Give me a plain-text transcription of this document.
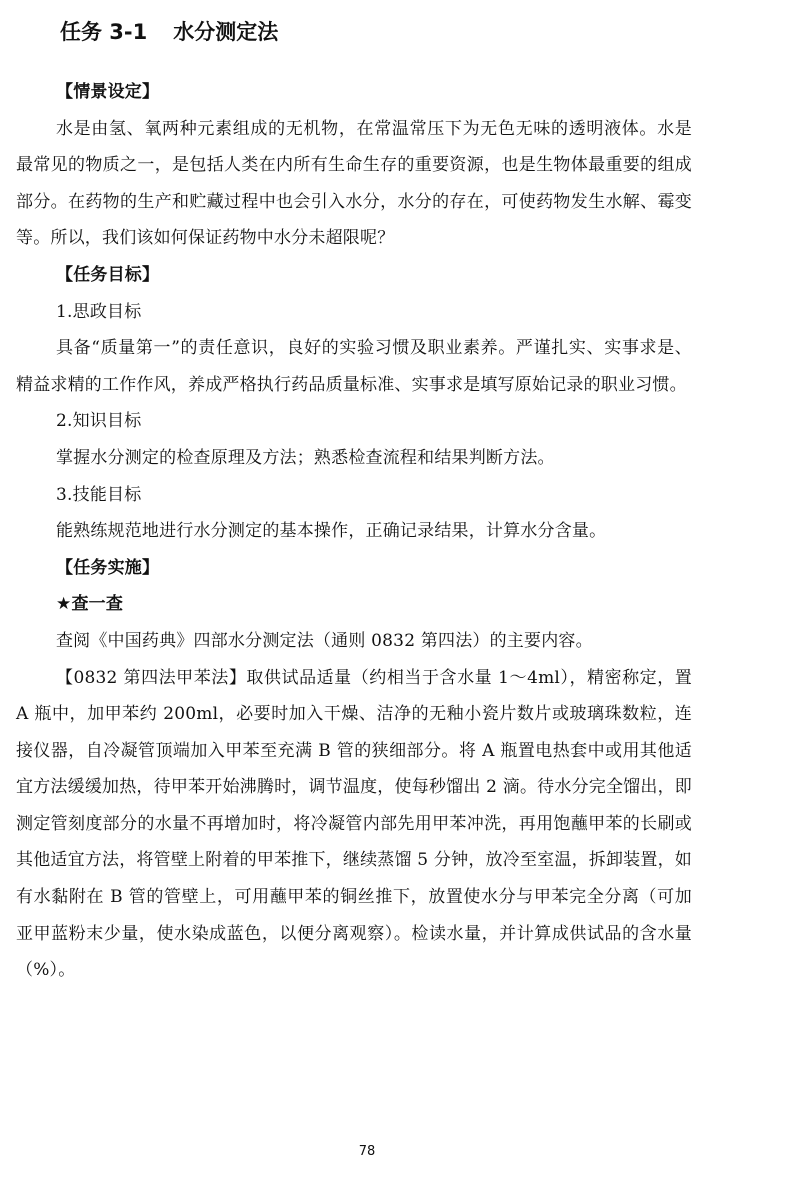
任务 3-1 水分测定法

【情景设定】

水是由氢、氧两种元素组成的无机物，在常温常压下为无色无味的透明液体。水是最常见的物质之一，是包括人类在内所有生命生存的重要资源，也是生物体最重要的组成部分。在药物的生产和贮藏过程中也会引入水分，水分的存在，可使药物发生水解、霉变等。所以，我们该如何保证药物中水分未超限呢？

【任务目标】

1.思政目标

具备“质量第一”的责任意识，良好的实验习惯及职业素养。严谨扎实、实事求是、精益求精的工作作风，养成严格执行药品质量标准、实事求是填写原始记录的职业习惯。

2.知识目标

掌握水分测定的检查原理及方法；熟悉检查流程和结果判断方法。

3.技能目标

能熟练规范地进行水分测定的基本操作，正确记录结果，计算水分含量。

【任务实施】

★查一查

查阅《中国药典》四部水分测定法（通则 0832 第四法）的主要内容。

【0832 第四法甲苯法】取供试品适量（约相当于含水量 1～4ml），精密称定，置 A 瓶中，加甲苯约 200ml，必要时加入干燥、洁净的无釉小瓷片数片或玻璃珠数粒，连接仪器，自冷凝管顶端加入甲苯至充满 B 管的狭细部分。将 A 瓶置电热套中或用其他适宜方法缓缓加热，待甲苯开始沸腾时，调节温度，使每秒馏出 2 滴。待水分完全馏出，即测定管刻度部分的水量不再增加时，将冷凝管内部先用甲苯冲洗，再用饱蘸甲苯的长刷或其他适宜方法，将管壁上附着的甲苯推下，继续蒸馏 5 分钟，放冷至室温，拆卸装置，如有水黏附在 B 管的管壁上，可用蘸甲苯的铜丝推下，放置使水分与甲苯完全分离（可加亚甲蓝粉末少量，使水染成蓝色，以便分离观察）。检读水量，并计算成供试品的含水量（%）。

78
